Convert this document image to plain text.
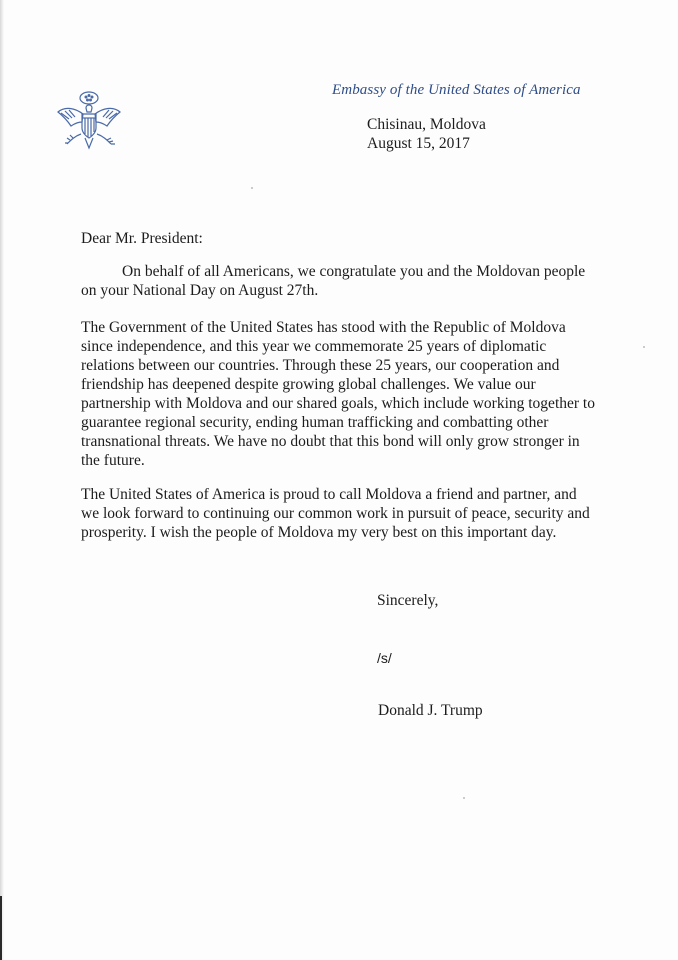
Embassy of the United States of America
Chisinau, Moldova
August 15, 2017
Dear Mr. President:
On behalf of all Americans, we congratulate you and the Moldovan people
on your National Day on August 27th.
The Government of the United States has stood with the Republic of Moldova
since independence, and this year we commemorate 25 years of diplomatic
relations between our countries. Through these 25 years, our cooperation and
friendship has deepened despite growing global challenges. We value our
partnership with Moldova and our shared goals, which include working together to
guarantee regional security, ending human trafficking and combatting other
transnational threats. We have no doubt that this bond will only grow stronger in
the future.
The United States of America is proud to call Moldova a friend and partner, and
we look forward to continuing our common work in pursuit of peace, security and
prosperity. I wish the people of Moldova my very best on this important day.
Sincerely,
/s/
Donald J. Trump
